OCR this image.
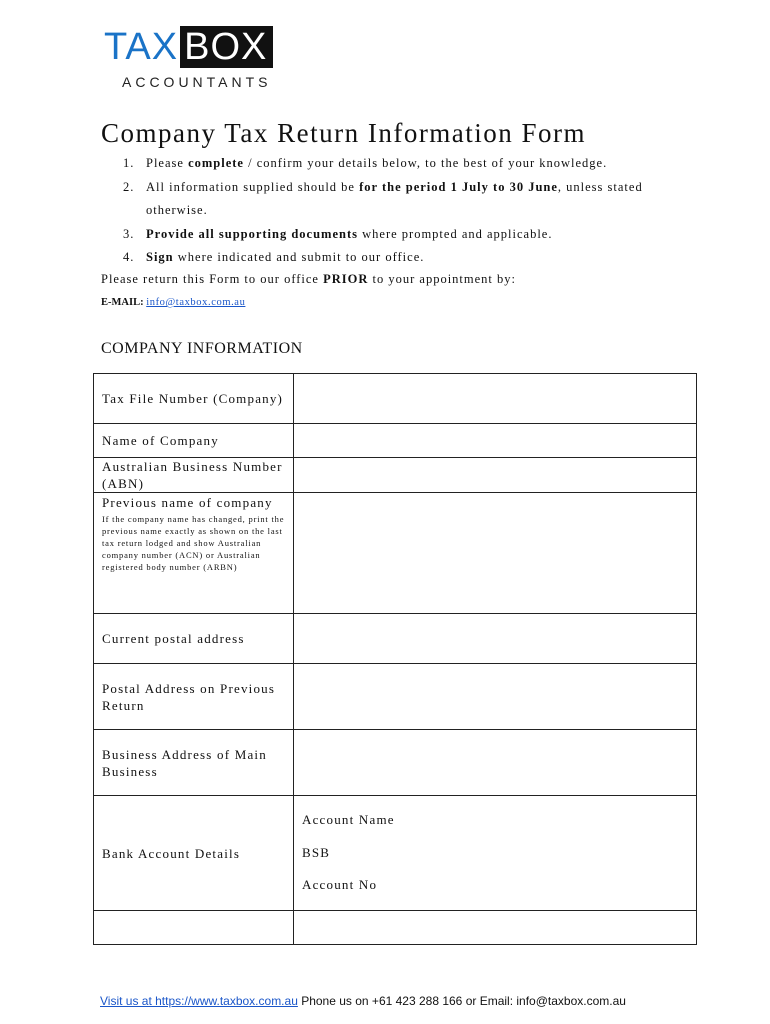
TAX BOX
ACCOUNTANTS
Company Tax Return Information Form
1. Please complete / confirm your details below, to the best of your knowledge.
2. All information supplied should be for the period 1 July to 30 June, unless stated otherwise.
3. Provide all supporting documents where prompted and applicable.
4. Sign where indicated and submit to our office.
Please return this Form to our office PRIOR to your appointment by:
E-MAIL: info@taxbox.com.au
COMPANY INFORMATION
Tax File Number (Company)	
Name of Company	
Australian Business Number (ABN)	

Previous name of company
If the company name has changed, print the previous name exactly as shown on the last tax return lodged and show Australian company number (ACN) or Australian registered body number (ARBN)	

Current postal address	
Postal Address on Previous Return	
Business Address of Main Business	
Bank Account Details	Account Name
BSB
Account No

Visit us at https://www.taxbox.com.au Phone us on +61 423 288 166 or Email: info@taxbox.com.au
